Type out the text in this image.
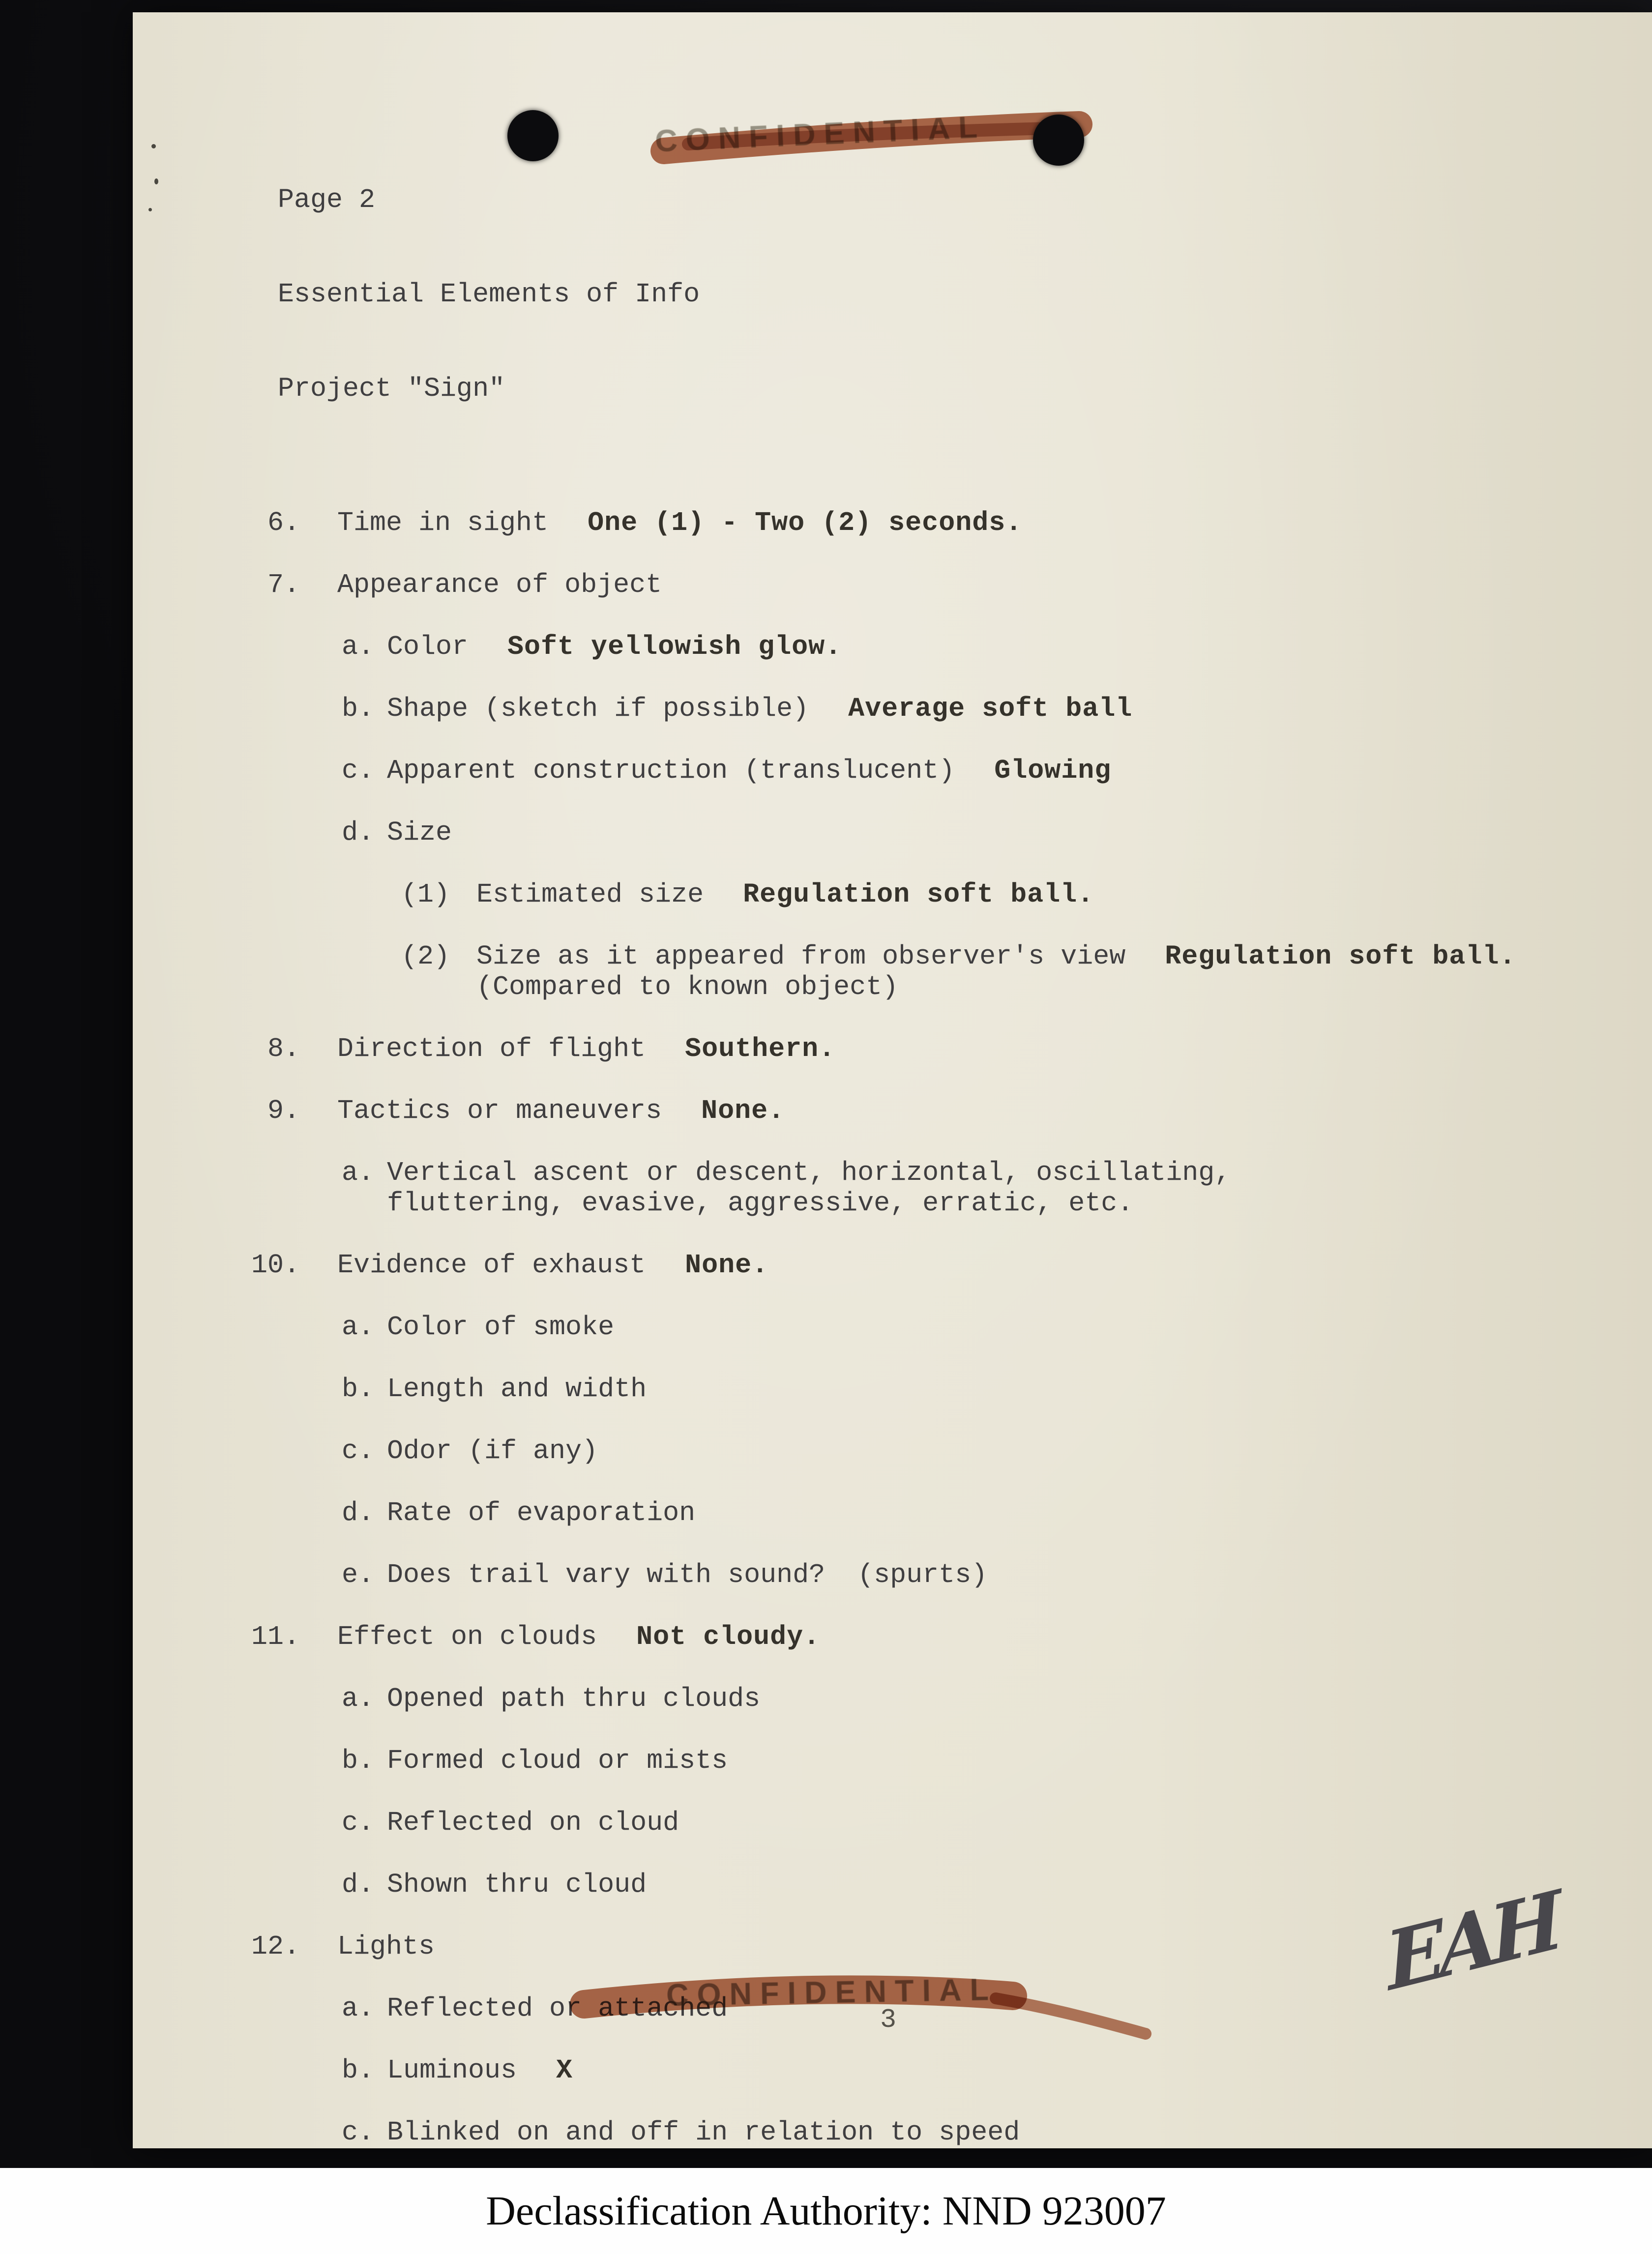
CONFIDENTIAL

Page 2

Essential Elements of Info

Project "Sign"

6. Time in sight One (1) - Two (2) seconds.
7. Appearance of object
a. Color Soft yellowish glow.
b. Shape (sketch if possible) Average soft ball
c. Apparent construction (translucent) Glowing
d. Size
(1) Estimated size Regulation soft ball.
(2) Size as it appeared from observer's view
(Compared to known object)
Regulation soft ball.
8. Direction of flight Southern.
9. Tactics or maneuvers None.
a. Vertical ascent or descent, horizontal, oscillating,
fluttering, evasive, aggressive, erratic, etc.
10. Evidence of exhaust None.
a. Color of smoke
b. Length and width
c. Odor (if any)
d. Rate of evaporation
e. Does trail vary with sound?  (spurts)
11. Effect on clouds Not cloudy.
a. Opened path thru clouds
b. Formed cloud or mists
c. Reflected on cloud
d. Shown thru cloud
12. Lights
a. Reflected or attached
b. Luminous X
c. Blinked on and off in relation to speed
CONFIDENTIAL
3
EAH
Declassification Authority: NND 923007
